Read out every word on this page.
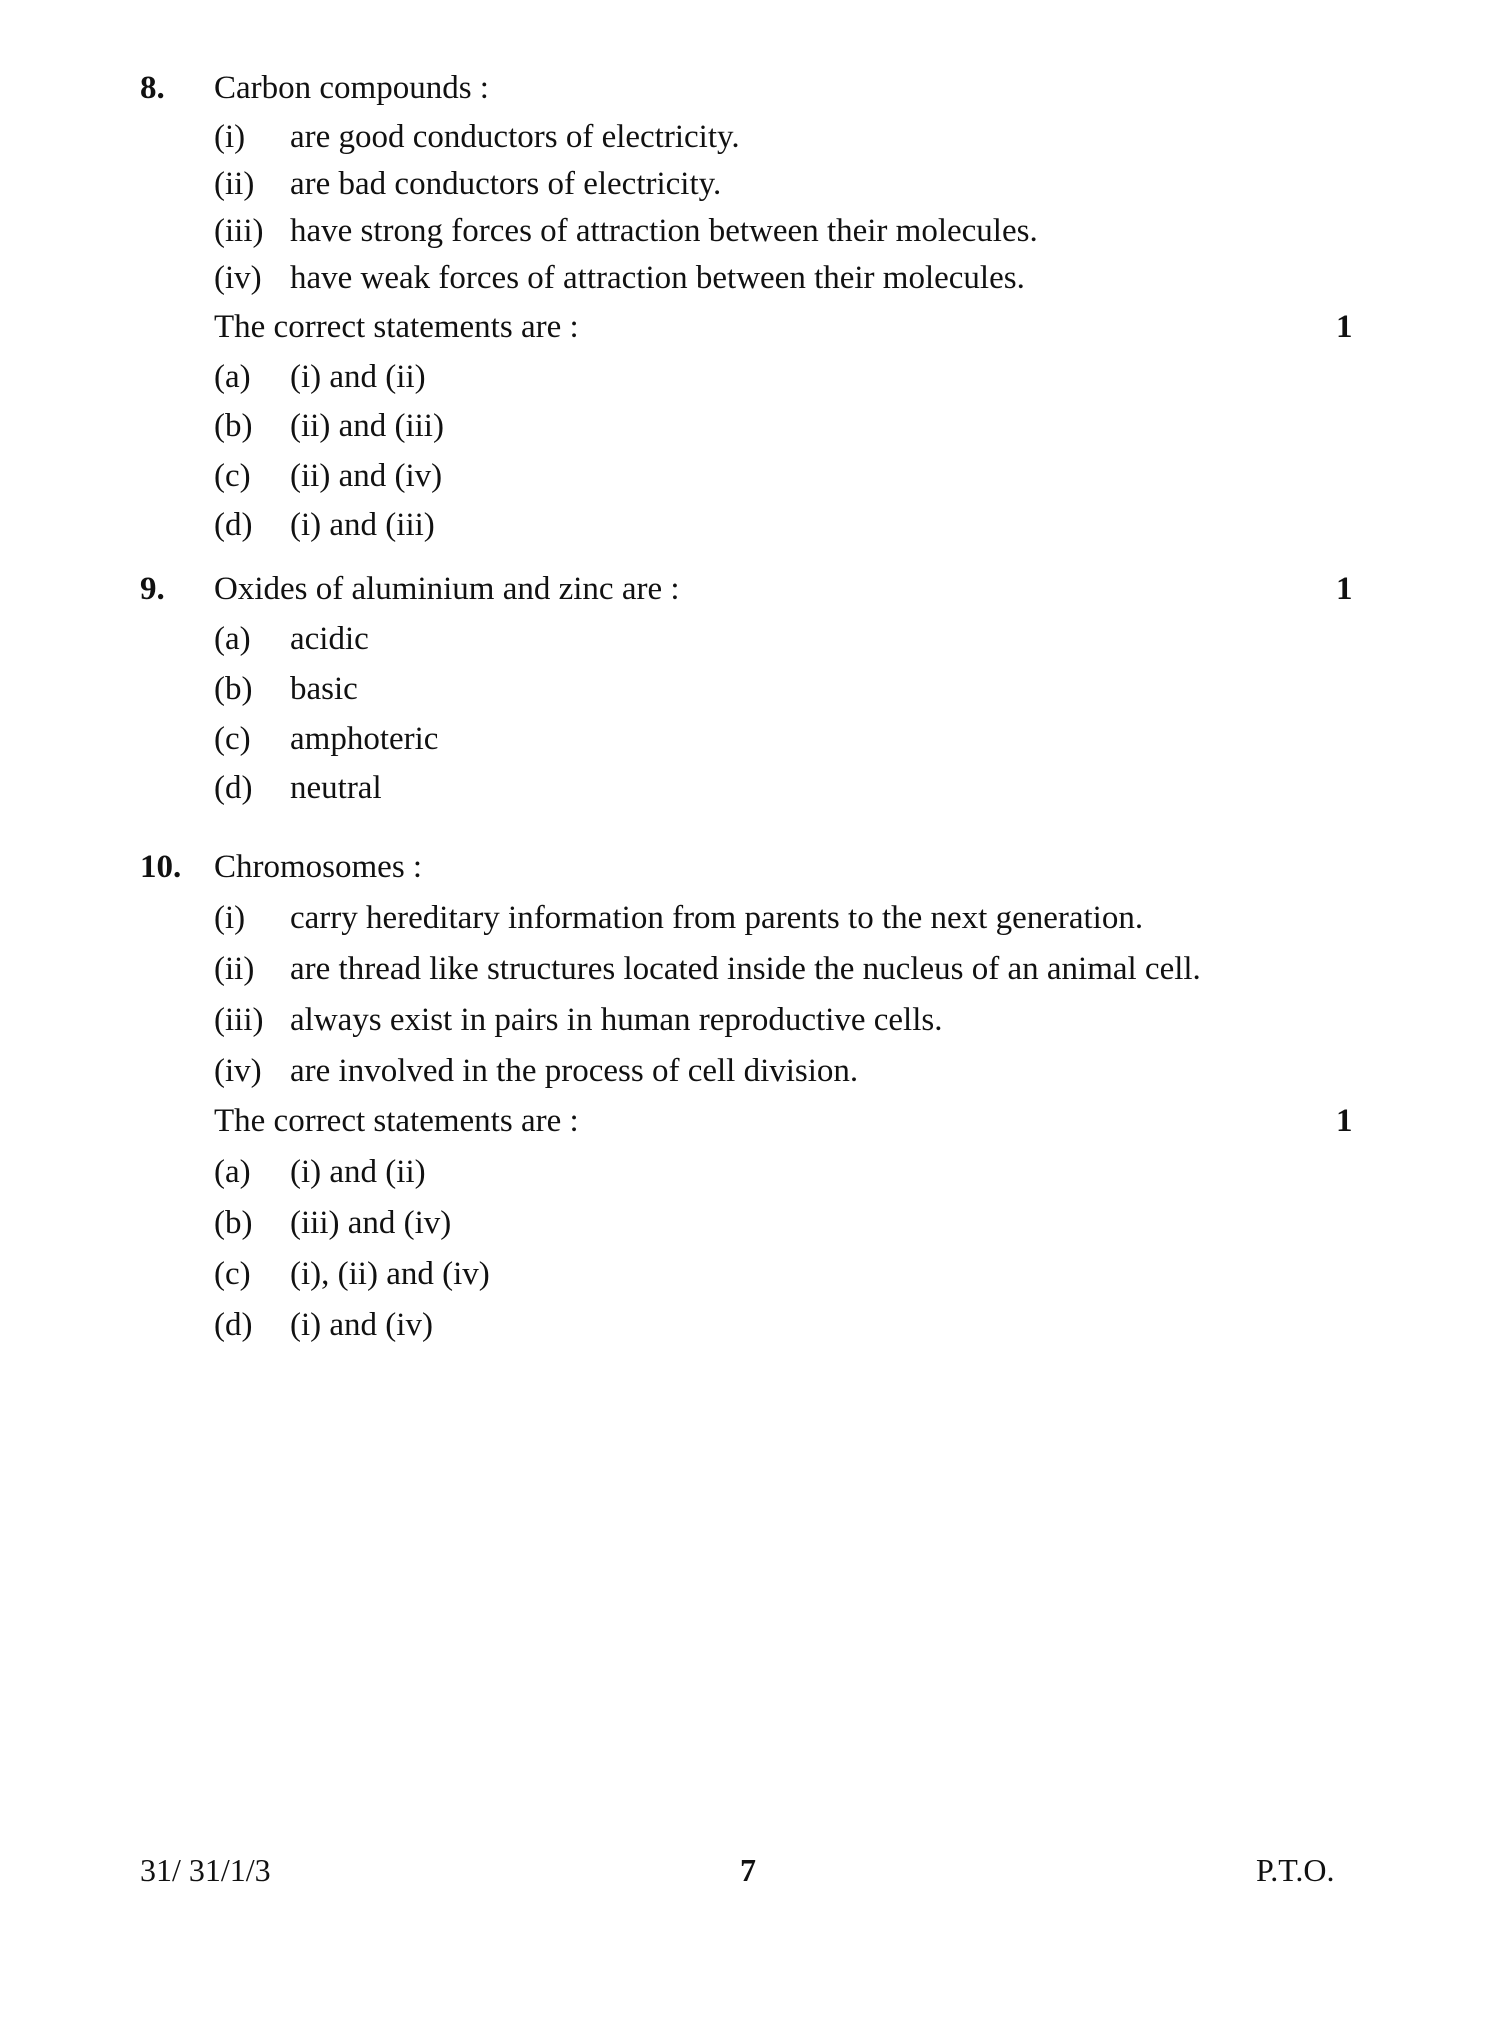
8. Carbon compounds :
(i) are good conductors of electricity.
(ii) are bad conductors of electricity.
(iii) have strong forces of attraction between their molecules.
(iv) have weak forces of attraction between their molecules.
The correct statements are :	1
(a) (i) and (ii)
(b) (ii) and (iii)
(c) (ii) and (iv)
(d) (i) and (iii)
9. Oxides of aluminium and zinc are :	1
(a) acidic
(b) basic
(c) amphoteric
(d) neutral
10. Chromosomes :
(i) carry hereditary information from parents to the next generation.
(ii) are thread like structures located inside the nucleus of an animal cell.
(iii) always exist in pairs in human reproductive cells.
(iv) are involved in the process of cell division.
The correct statements are :	1
(a) (i) and (ii)
(b) (iii) and (iv)
(c) (i), (ii) and (iv)
(d) (i) and (iv)
31/ 31/1/3	7	P.T.O.
